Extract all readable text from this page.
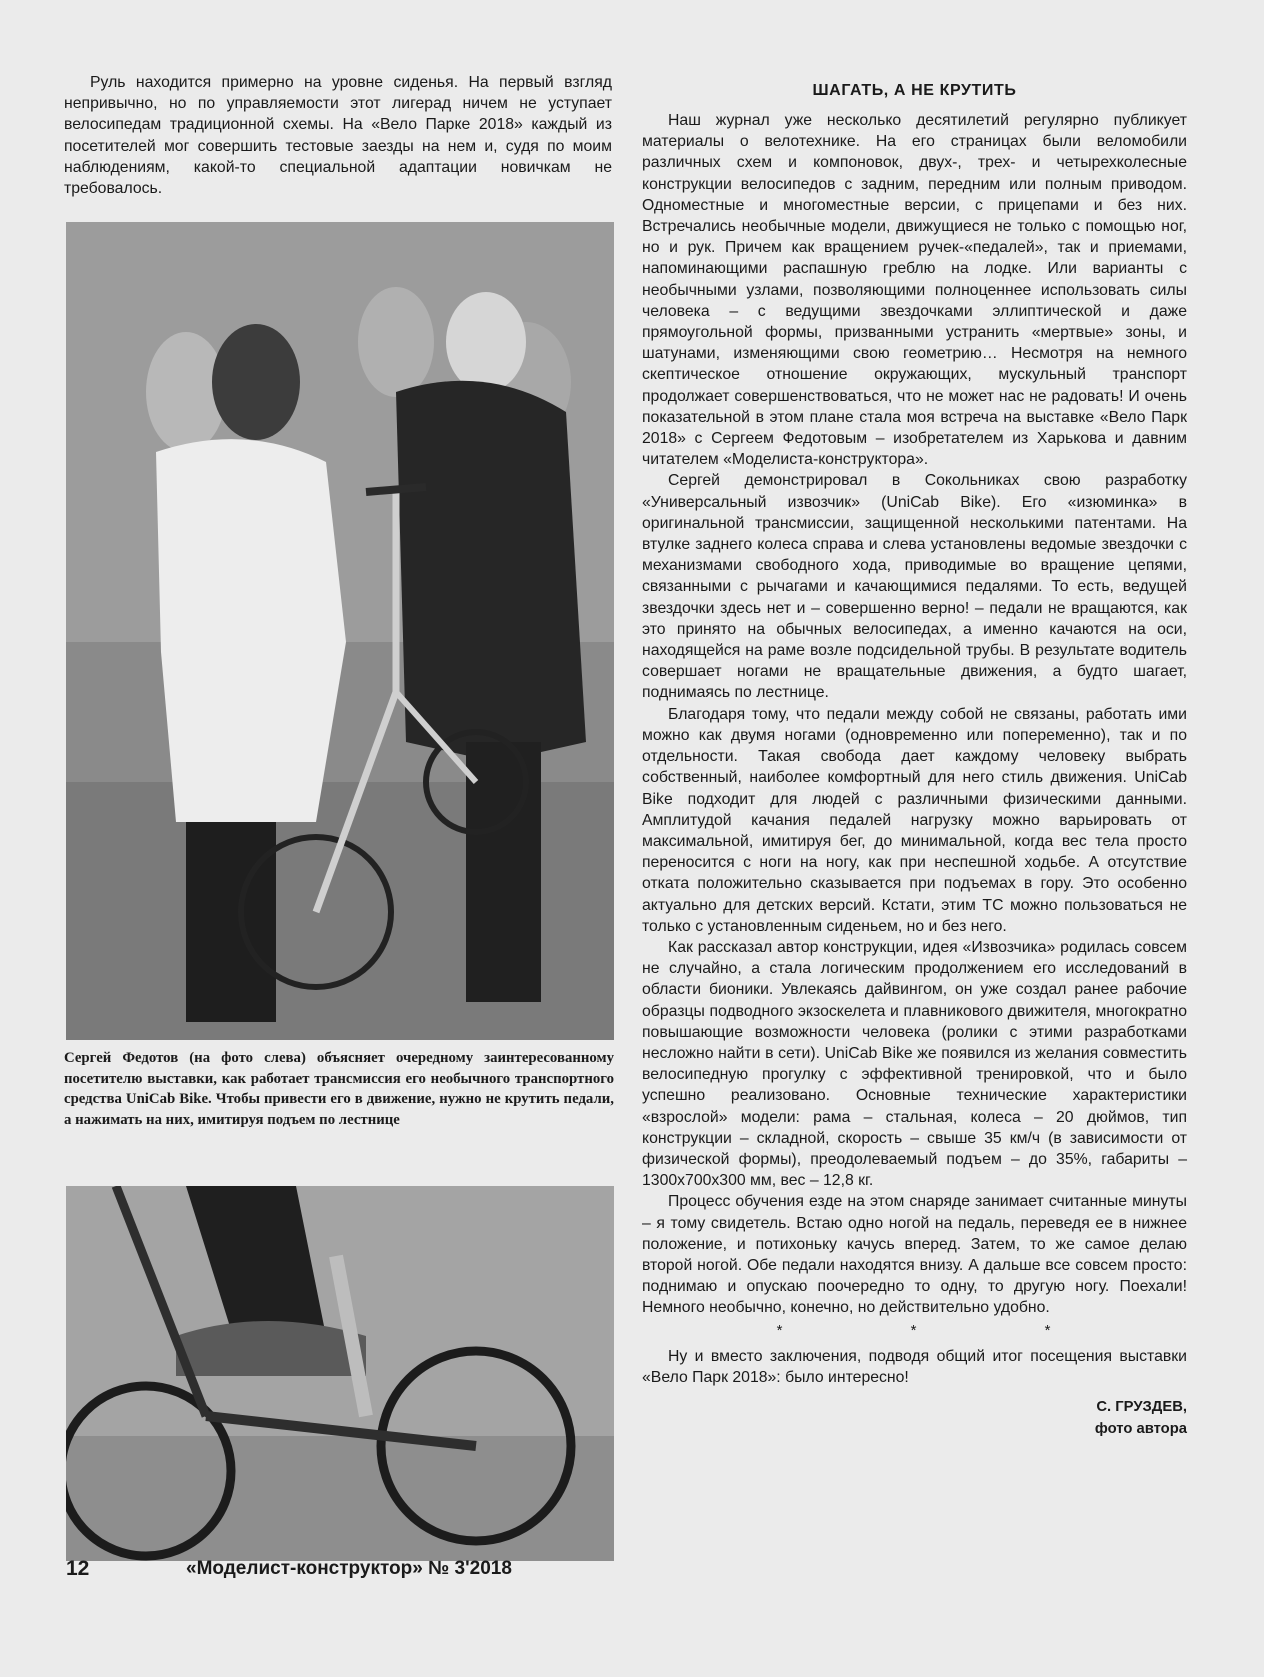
Руль находится примерно на уровне сиденья. На первый взгляд непривычно, но по управляемости этот лигерад ничем не уступает велосипедам традиционной схемы. На «Вело Парке 2018» каждый из посетителей мог совершить тестовые заезды на нем и, судя по моим наблюдениям, какой-то специальной адаптации новичкам не требовалось.

Сергей Федотов (на фото слева) объясняет очередному заинтересованному посетителю выставки, как работает трансмиссия его необычного транспортного средства UniCab Bike. Чтобы привести его в движение, нужно не крутить педали, а нажимать на них, имитируя подъем по лестнице

ШАГАТЬ, А НЕ КРУТИТЬ

Наш журнал уже несколько десятилетий регулярно публикует материалы о велотехнике. На его страницах были веломобили различных схем и компоновок, двух-, трех- и четырехколесные конструкции велосипедов с задним, передним или полным приводом. Одноместные и многоместные версии, с прицепами и без них. Встречались необычные модели, движущиеся не только с помощью ног, но и рук. Причем как вращением ручек-«педалей», так и приемами, напоминающими распашную греблю на лодке. Или варианты с необычными узлами, позволяющими полноценнее использовать силы человека – с ведущими звездочками эллиптической и даже прямоугольной формы, призванными устранить «мертвые» зоны, и шатунами, изменяющими свою геометрию… Несмотря на немного скептическое отношение окружающих, мускульный транспорт продолжает совершенствоваться, что не может нас не радовать! И очень показательной в этом плане стала моя встреча на выставке «Вело Парк 2018» с Сергеем Федотовым – изобретателем из Харькова и давним читателем «Моделиста-конструктора».

Сергей демонстрировал в Сокольниках свою разработку «Универсальный извозчик» (UniCab Bike). Его «изюминка» в оригинальной трансмиссии, защищенной несколькими патентами. На втулке заднего колеса справа и слева установлены ведомые звездочки с механизмами свободного хода, приводимые во вращение цепями, связанными с рычагами и качающимися педалями. То есть, ведущей звездочки здесь нет и – совершенно верно! – педали не вращаются, как это принято на обычных велосипедах, а именно качаются на оси, находящейся на раме возле подсидельной трубы. В результате водитель совершает ногами не вращательные движения, а будто шагает, поднимаясь по лестнице.

Благодаря тому, что педали между собой не связаны, работать ими можно как двумя ногами (одновременно или попеременно), так и по отдельности. Такая свобода дает каждому человеку выбрать собственный, наиболее комфортный для него стиль движения. UniCab Bike подходит для людей с различными физическими данными. Амплитудой качания педалей нагрузку можно варьировать от максимальной, имитируя бег, до минимальной, когда вес тела просто переносится с ноги на ногу, как при неспешной ходьбе. А отсутствие отката положительно сказывается при подъемах в гору. Это особенно актуально для детских версий. Кстати, этим ТС можно пользоваться не только с установленным сиденьем, но и без него.

Как рассказал автор конструкции, идея «Извозчика» родилась совсем не случайно, а стала логическим продолжением его исследований в области бионики. Увлекаясь дайвингом, он уже создал ранее рабочие образцы подводного экзоскелета и плавникового движителя, многократно повышающие возможности человека (ролики с этими разработками несложно найти в сети). UniCab Bike же появился из желания совместить велосипедную прогулку с эффективной тренировкой, что и было успешно реализовано. Основные технические характеристики «взрослой» модели: рама – стальная, колеса – 20 дюймов, тип конструкции – складной, скорость – свыше 35 км/ч (в зависимости от физической формы), преодолеваемый подъем – до 35%, габариты – 1300х700х300 мм, вес – 12,8 кг.

Процесс обучения езде на этом снаряде занимает считанные минуты – я тому свидетель. Встаю одно ногой на педаль, переведя ее в нижнее положение, и потихоньку качусь вперед. Затем, то же самое делаю второй ногой. Обе педали находятся внизу. А дальше все совсем просто: поднимаю и опускаю поочередно то одну, то другую ногу. Поехали! Немного необычно, конечно, но действительно удобно.

* * *

Ну и вместо заключения, подводя общий итог посещения выставки «Вело Парк 2018»: было интересно!

С. ГРУЗДЕВ,
фото автора
12	«Моделист-конструктор» № 3'2018
